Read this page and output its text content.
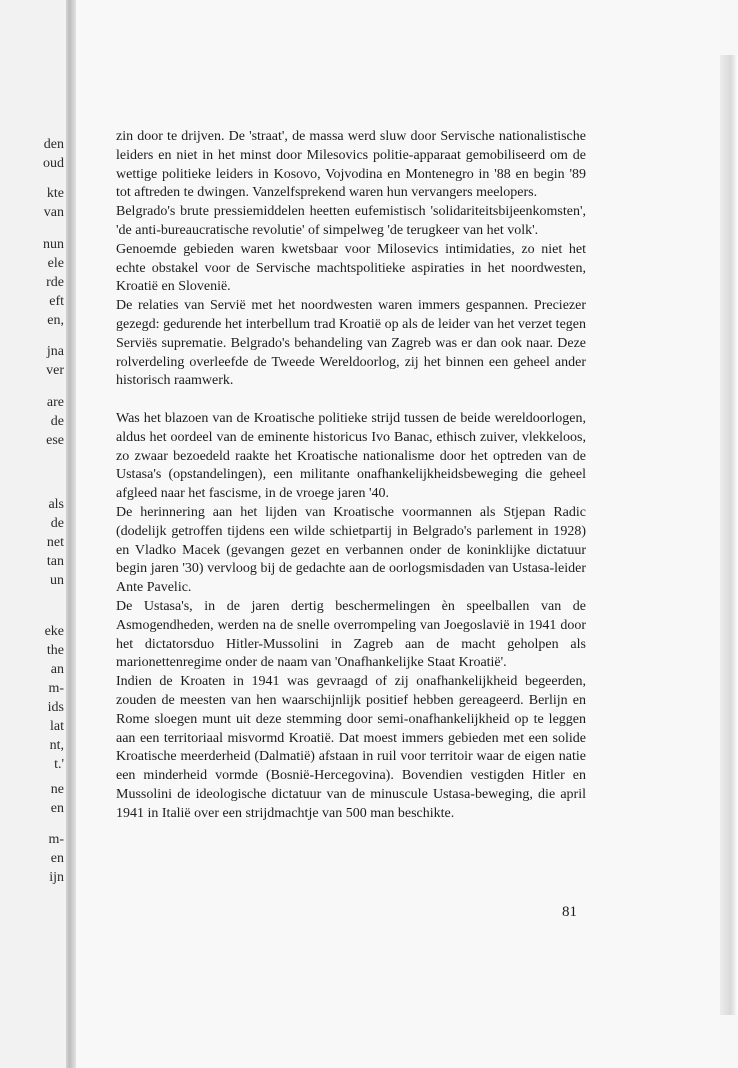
den
oud
kte
van
nun
ele
rde
eft
en,
jna
ver
are
de
ese
als
de
net
tan
un
eke
the
an
m-
ids
lat
nt,
t.'
ne
en
m-
en
ijn

zin door te drijven. De 'straat', de massa werd sluw door Servische nationalistische leiders en niet in het minst door Milesovics politie-apparaat gemobiliseerd om de wettige politieke leiders in Kosovo, Vojvodina en Montenegro in '88 en begin '89 tot aftreden te dwingen. Vanzelfsprekend waren hun vervangers meelopers.

Belgrado's brute pressiemiddelen heetten eufemistisch 'solidariteitsbijeenkomsten', 'de anti-bureaucratische revolutie' of simpelweg 'de terugkeer van het volk'.

Genoemde gebieden waren kwetsbaar voor Milosevics intimidaties, zo niet het echte obstakel voor de Servische machtspolitieke aspiraties in het noordwesten, Kroatië en Slovenië.

De relaties van Servië met het noordwesten waren immers gespannen. Preciezer gezegd: gedurende het interbellum trad Kroatië op als de leider van het verzet tegen Serviës suprematie. Belgrado's behandeling van Zagreb was er dan ook naar. Deze rolverdeling overleefde de Tweede Wereldoorlog, zij het binnen een geheel ander historisch raamwerk.

Was het blazoen van de Kroatische politieke strijd tussen de beide wereldoorlogen, aldus het oordeel van de eminente historicus Ivo Banac, ethisch zuiver, vlekkeloos, zo zwaar bezoedeld raakte het Kroatische nationalisme door het optreden van de Ustasa's (opstandelingen), een militante onafhankelijkheidsbeweging die geheel afgleed naar het fascisme, in de vroege jaren '40.

De herinnering aan het lijden van Kroatische voormannen als Stjepan Radic (dodelijk getroffen tijdens een wilde schietpartij in Belgrado's parlement in 1928) en Vladko Macek (gevangen gezet en verbannen onder de koninklijke dictatuur begin jaren '30) vervloog bij de gedachte aan de oorlogsmisdaden van Ustasa-leider Ante Pavelic.

De Ustasa's, in de jaren dertig beschermelingen èn speelballen van de Asmogendheden, werden na de snelle overrompeling van Joegoslavië in 1941 door het dictatorsduo Hitler-Mussolini in Zagreb aan de macht geholpen als marionettenregime onder de naam van 'Onafhankelijke Staat Kroatië'.

Indien de Kroaten in 1941 was gevraagd of zij onafhankelijkheid begeerden, zouden de meesten van hen waarschijnlijk positief hebben gereageerd. Berlijn en Rome sloegen munt uit deze stemming door semi-onafhankelijkheid op te leggen aan een territoriaal misvormd Kroatië. Dat moest immers gebieden met een solide Kroatische meerderheid (Dalmatië) afstaan in ruil voor territoir waar de eigen natie een minderheid vormde (Bosnië-Hercegovina). Bovendien vestigden Hitler en Mussolini de ideologische dictatuur van de minuscule Ustasa-beweging, die april 1941 in Italië over een strijdmachtje van 500 man beschikte.

81
